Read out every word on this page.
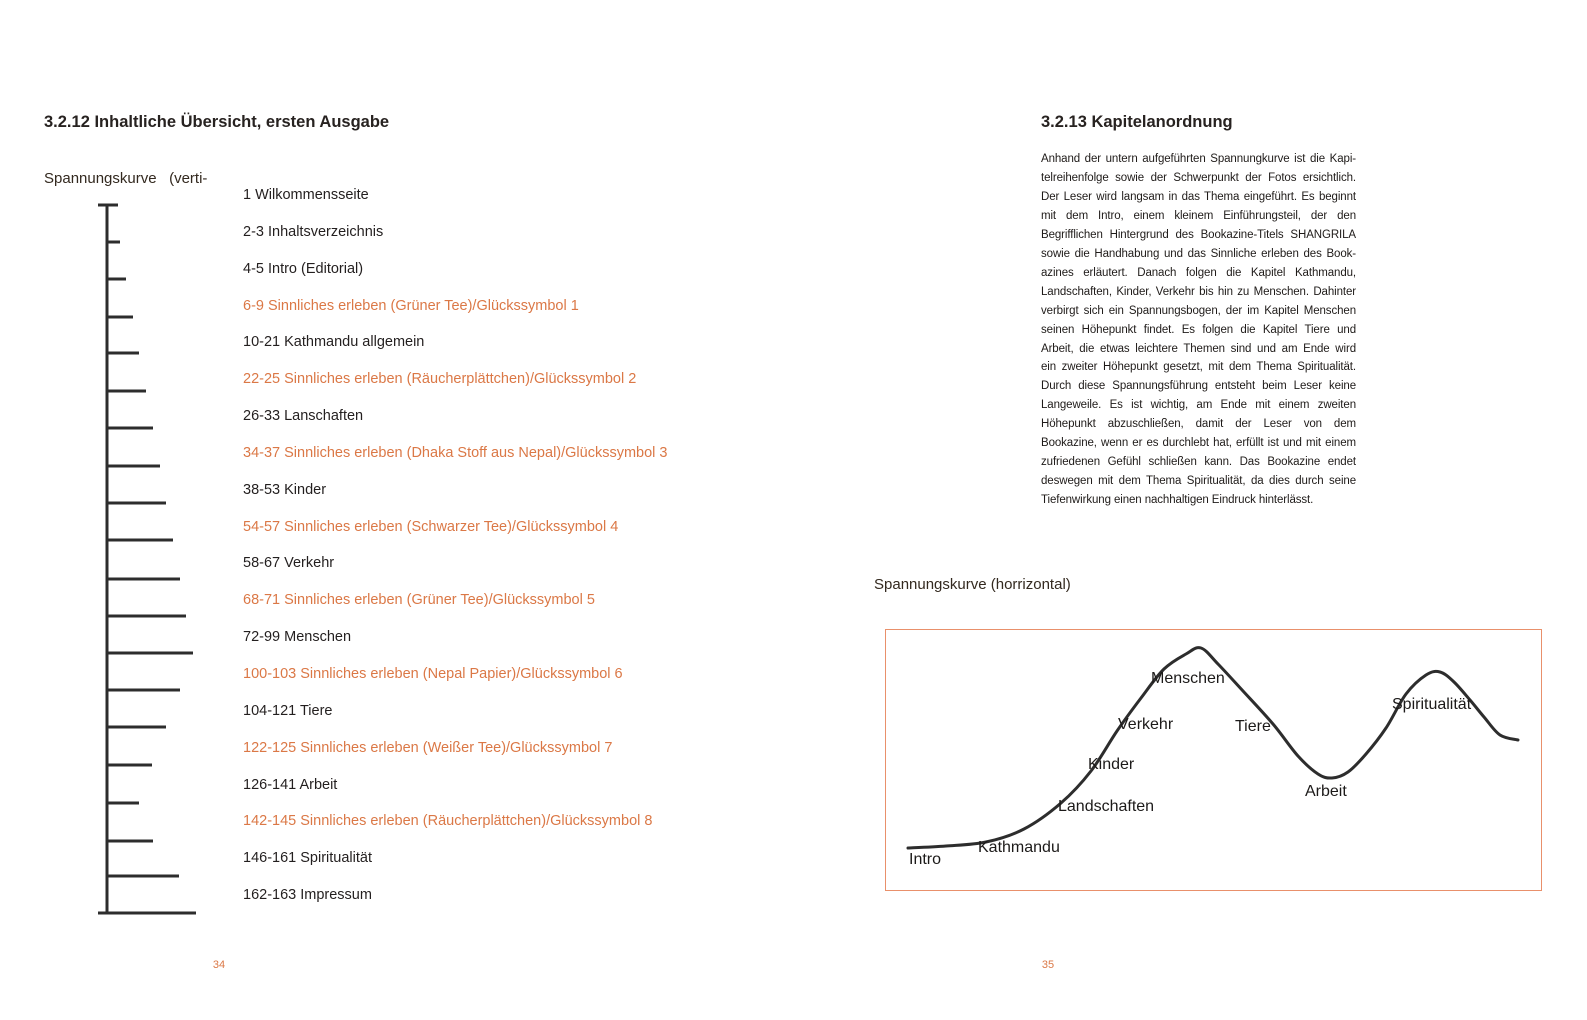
3.2.12 Inhaltliche Übersicht, ersten Ausgabe
Spannungskurve   (verti-
1 Wilkommensseite
2-3 Inhaltsverzeichnis
4-5 Intro (Editorial)
6-9 Sinnliches erleben (Grüner Tee)/Glückssymbol 1
10-21 Kathmandu allgemein
22-25 Sinnliches erleben (Räucherplättchen)/Glückssymbol 2
26-33 Lanschaften
34-37 Sinnliches erleben (Dhaka Stoff aus Nepal)/Glückssymbol 3
38-53 Kinder
54-57 Sinnliches erleben (Schwarzer Tee)/Glückssymbol 4
58-67 Verkehr
68-71 Sinnliches erleben (Grüner Tee)/Glückssymbol 5
72-99 Menschen
100-103 Sinnliches erleben (Nepal Papier)/Glückssymbol 6
104-121 Tiere
122-125 Sinnliches erleben (Weißer Tee)/Glückssymbol 7
126-141 Arbeit
142-145 Sinnliches erleben (Räucherplättchen)/Glückssymbol 8
146-161 Spiritualität
162-163 Impressum
34
3.2.13 Kapitelanordnung
Anhand der untern aufgeführten Spannungkurve ist die Kapi-
telreihenfolge sowie der Schwerpunkt der Fotos ersichtlich.
Der Leser wird langsam in das Thema eingeführt. Es beginnt
mit dem Intro, einem kleinem Einführungsteil, der den
Begrifflichen Hintergrund des Bookazine-Titels SHANGRILA
sowie die Handhabung und das Sinnliche erleben des Book-
azines erläutert. Danach folgen die Kapitel Kathmandu,
Landschaften, Kinder, Verkehr bis hin zu Menschen. Dahinter
verbirgt sich ein Spannungsbogen, der im Kapitel Menschen
seinen Höhepunkt findet. Es folgen die Kapitel Tiere und
Arbeit, die etwas leichtere Themen sind und am Ende wird
ein zweiter Höhepunkt gesetzt, mit dem Thema Spiritualität.
Durch diese Spannungsführung entsteht beim Leser keine
Langeweile. Es ist wichtig, am Ende mit einem zweiten
Höhepunkt abzuschließen, damit der Leser von dem
Bookazine, wenn er es durchlebt hat, erfüllt ist und mit einem
zufriedenen Gefühl schließen kann. Das Bookazine endet
deswegen mit dem Thema Spiritualität, da dies durch seine
Tiefenwirkung einen nachhaltigen Eindruck hinterlässt.
Spannungskurve (horrizontal)
Intro
Kathmandu
Landschaften
Kinder
Verkehr
Menschen
Tiere
Arbeit
Spiritualität
35
